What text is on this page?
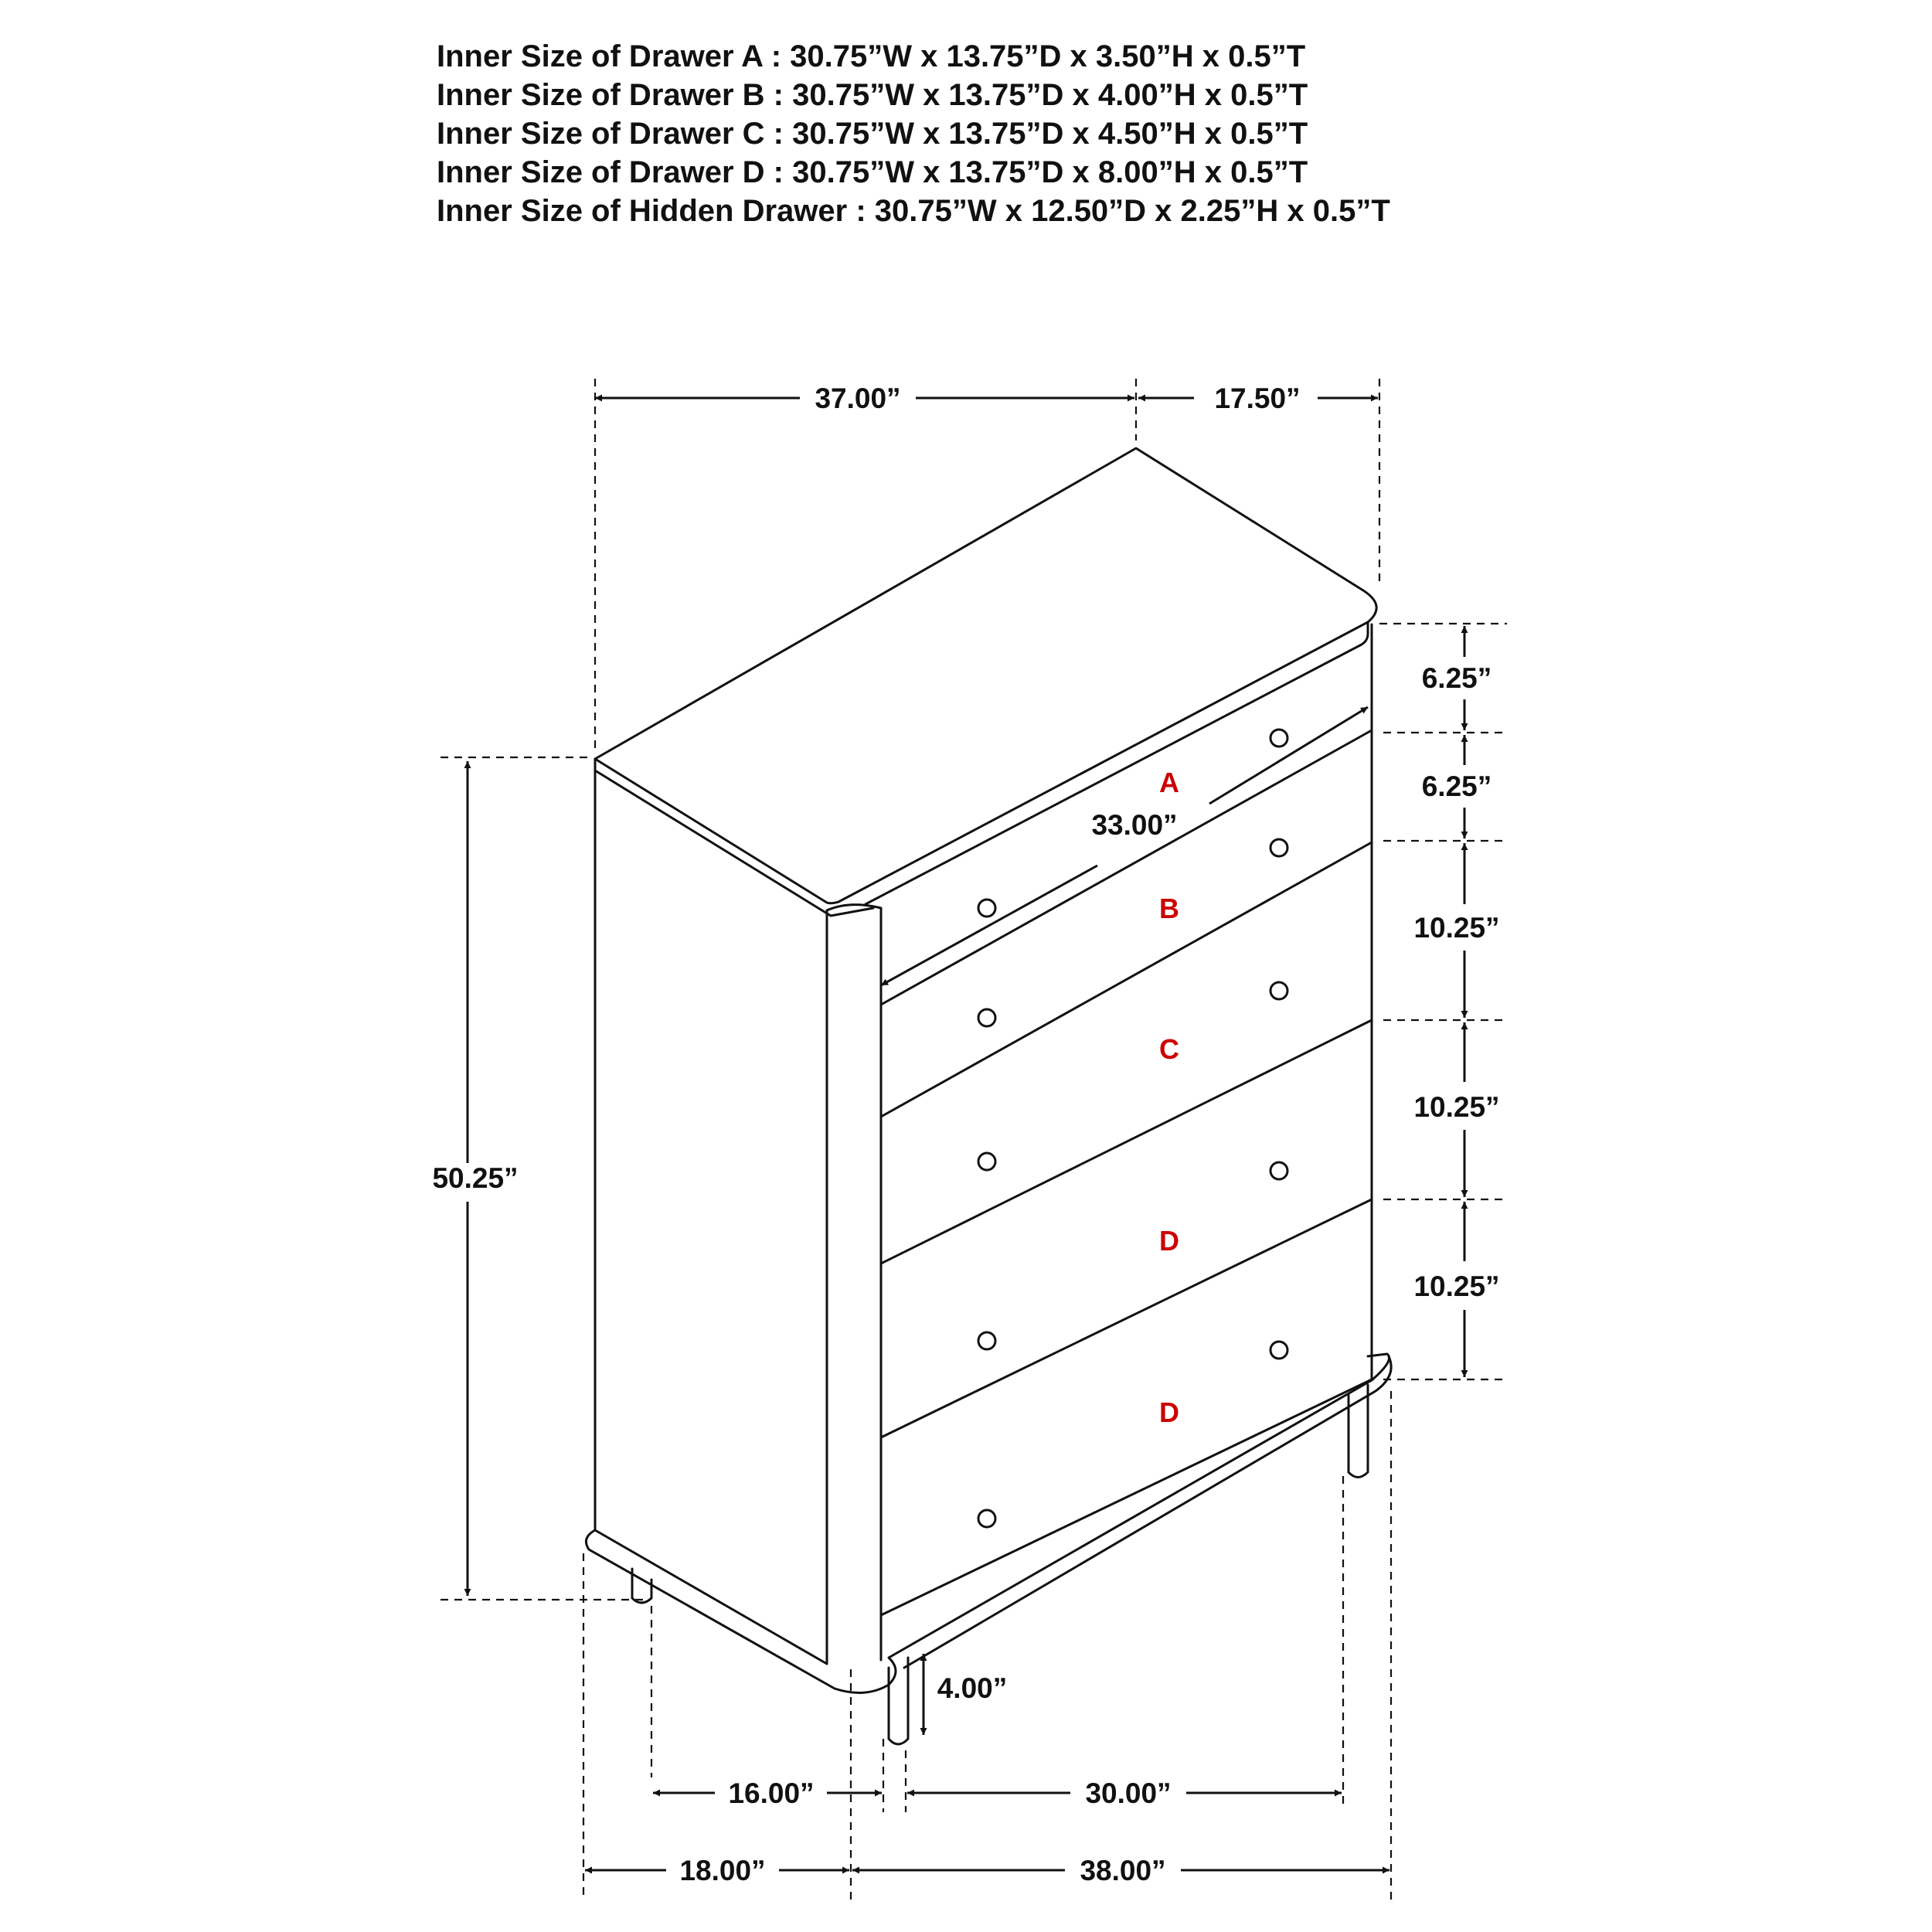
Inner Size of Drawer A : 30.75”W x 13.75”D x 3.50”H x 0.5”T
Inner Size of Drawer B : 30.75”W x 13.75”D x 4.00”H x 0.5”T
Inner Size of Drawer C : 30.75”W x 13.75”D x 4.50”H x 0.5”T
Inner Size of Drawer D : 30.75”W x 13.75”D x 8.00”H x 0.5”T
Inner Size of Hidden Drawer : 30.75”W x 12.50”D x 2.25”H x 0.5”T
A
B
C
D
D
37.00”	17.50”
50.25”
33.00”
6.25”
6.25”
10.25”
10.25”
10.25”
4.00”
16.00”	30.00”
18.00”	38.00”
